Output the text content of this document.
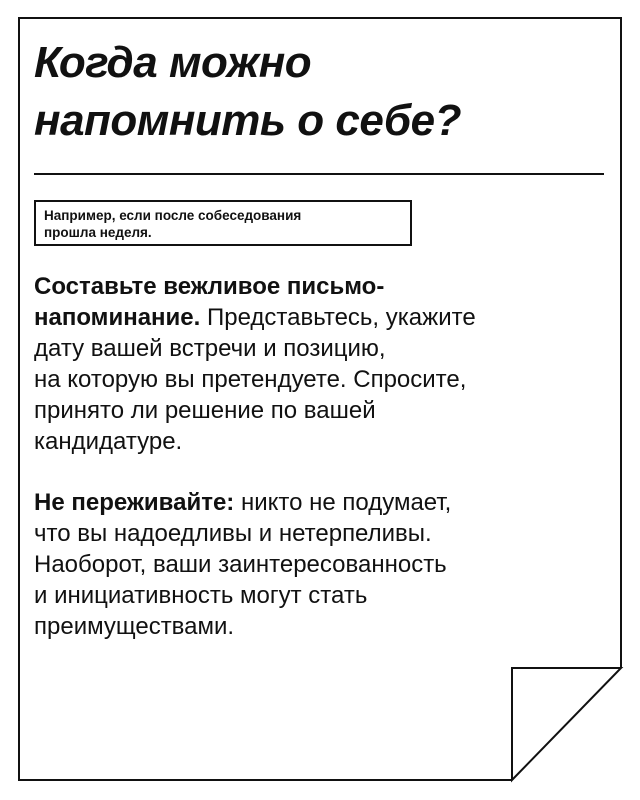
Когда можно
напомнить о себе?
Например, если после собеседования
прошла неделя.

Составьте вежливое письмо-
напоминание. Представьтесь, укажите
дату вашей встречи и позицию,
на которую вы претендуете. Спросите,
принято ли решение по вашей
кандидатуре.

Не переживайте: никто не подумает,
что вы надоедливы и нетерпеливы.
Наоборот, ваши заинтересованность
и инициативность могут стать
преимуществами.
